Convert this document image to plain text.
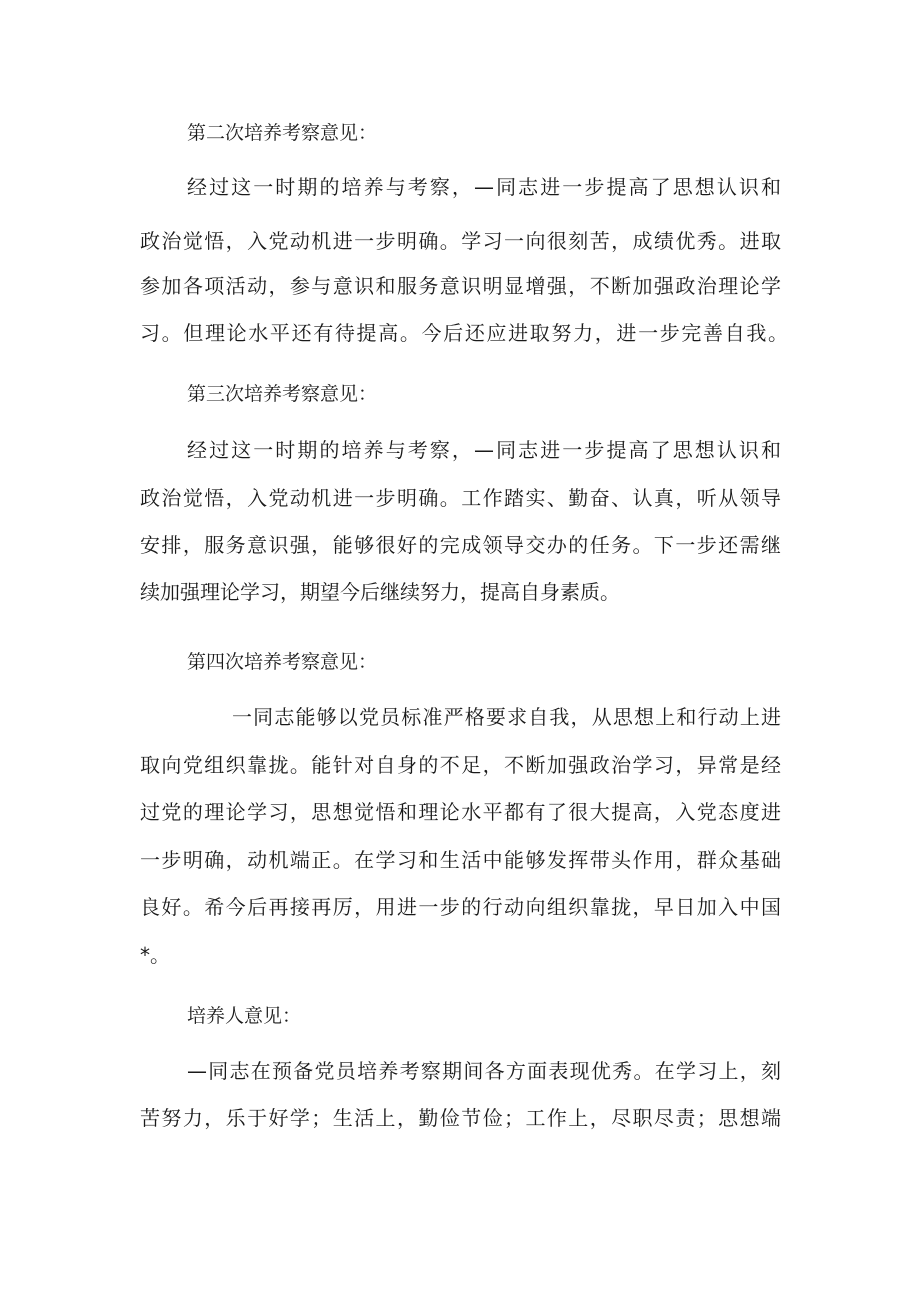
第二次培养考察意见：

经过这一时期的培养与考察，—同志进一步提高了思想认识和

政治觉悟，入党动机进一步明确。学习一向很刻苦，成绩优秀。进取

参加各项活动，参与意识和服务意识明显增强，不断加强政治理论学

习。但理论水平还有待提高。今后还应进取努力，进一步完善自我。

第三次培养考察意见：

经过这一时期的培养与考察，—同志进一步提高了思想认识和

政治觉悟，入党动机进一步明确。工作踏实、勤奋、认真，听从领导

安排，服务意识强，能够很好的完成领导交办的任务。下一步还需继

续加强理论学习，期望今后继续努力，提高自身素质。

第四次培养考察意见：

一同志能够以党员标准严格要求自我，从思想上和行动上进

取向党组织靠拢。能针对自身的不足，不断加强政治学习，异常是经

过党的理论学习，思想觉悟和理论水平都有了很大提高，入党态度进

一步明确，动机端正。在学习和生活中能够发挥带头作用，群众基础

良好。希今后再接再厉，用进一步的行动向组织靠拢，早日加入中国

*。

培养人意见：

—同志在预备党员培养考察期间各方面表现优秀。在学习上，刻

苦努力，乐于好学；生活上，勤俭节俭；工作上，尽职尽责；思想端
